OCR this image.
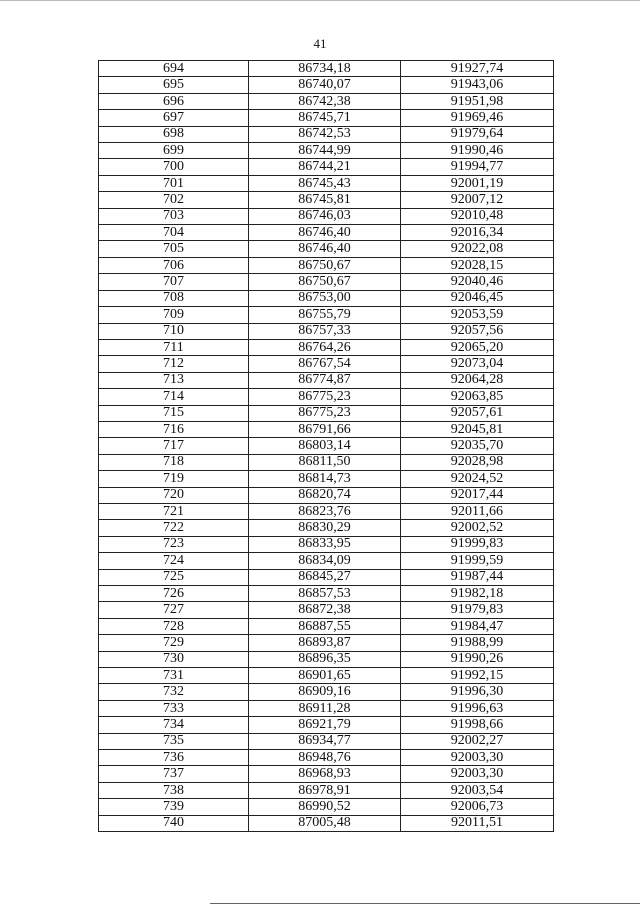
41
694	86734,18	91927,74
695	86740,07	91943,06
696	86742,38	91951,98
697	86745,71	91969,46
698	86742,53	91979,64
699	86744,99	91990,46
700	86744,21	91994,77
701	86745,43	92001,19
702	86745,81	92007,12
703	86746,03	92010,48
704	86746,40	92016,34
705	86746,40	92022,08
706	86750,67	92028,15
707	86750,67	92040,46
708	86753,00	92046,45
709	86755,79	92053,59
710	86757,33	92057,56
711	86764,26	92065,20
712	86767,54	92073,04
713	86774,87	92064,28
714	86775,23	92063,85
715	86775,23	92057,61
716	86791,66	92045,81
717	86803,14	92035,70
718	86811,50	92028,98
719	86814,73	92024,52
720	86820,74	92017,44
721	86823,76	92011,66
722	86830,29	92002,52
723	86833,95	91999,83
724	86834,09	91999,59
725	86845,27	91987,44
726	86857,53	91982,18
727	86872,38	91979,83
728	86887,55	91984,47
729	86893,87	91988,99
730	86896,35	91990,26
731	86901,65	91992,15
732	86909,16	91996,30
733	86911,28	91996,63
734	86921,79	91998,66
735	86934,77	92002,27
736	86948,76	92003,30
737	86968,93	92003,30
738	86978,91	92003,54
739	86990,52	92006,73
740	87005,48	92011,51
